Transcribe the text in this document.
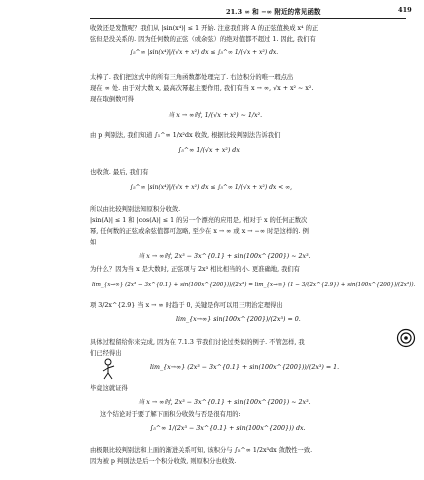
21.3 ∞ 和 −∞ 附近的常见函数	419
收敛还是发散呢？我们从 |sin(x⁴)| ≤ 1 开始. 注意我们将 A 的正弦值换成 x⁴ 的正
弦但是没关系的. 因为任何数的正弦（或余弦）的绝对值都不超过 1. 因此, 我们有
∫₅^∞ |sin(x⁴)|/(√x + x²) dx ≤ ∫₅^∞ 1/(√x + x²) dx.
太棒了. 我们把这式中的所有三角函数都处理完了. 右边积分的唯一瑕点出
现在 ∞ 处. 由于对大数 x, 最高次幂起主要作用, 我们有当 x → ∞, √x + x² ~ x².
现在取倒数可得
当 x → ∞时, 1/(√x + x²) ~ 1/x².
由 p 判别法, 我们知道 ∫₁^∞ 1/x²dx 收敛, 根据比较判别法告诉我们
∫₅^∞ 1/(√x + x²) dx
也收敛. 最后, 我们有
∫₅^∞ |sin(x⁴)|/(√x + x²) dx ≤ ∫₅^∞ 1/(√x + x²) dx < ∞,
所以由比较判别法知原积分收敛.
|sin(A)| ≤ 1 和 |cos(A)| ≤ 1 的另一个漂亮的应用是, 相对于 x 的任何正数次
幂, 任何数的正弦或余弦值都可忽略, 至少在 x → ∞ 或 x → −∞ 时是这样的. 例
如
当 x → ∞时, 2x³ − 3x^{0.1} + sin(100x^{200}) ~ 2x³.
为什么？因为当 x 是大数时, 正弦项与 2x³ 相比相当的小. 更准确地, 我们有
lim_{x→∞} (2x³ − 3x^{0.1} + sin(100x^{200}))/(2x³) = lim_{x→∞} (1 − 3/(2x^{2.9}) + sin(100x^{200})/(2x³)).
项 3/2x^{2.9} 当 x → ∞ 时趋于 0, 关键是你可以用三明治定理得出
lim_{x→∞} sin(100x^{200})/(2x³) = 0.
具体过程留给你来完成, 因为在 7.1.3 节我们讨论过类似的例子. 不管怎样, 我
们已经得出
lim_{x→∞} (2x³ − 3x^{0.1} + sin(100x^{200}))/(2x³) = 1.
毕竟这就证得
当 x → ∞时, 2x³ − 3x^{0.1} + sin(100x^{200}) ~ 2x³.
这个结论对于要了解下面积分收敛与否是很有用的:
∫₅^∞ 1/(2x³ − 3x^{0.1} + sin(100x^{200})) dx.
由极限比较判别法和上面的渐进关系可知, 该积分与 ∫₅^∞ 1/2x³dx 敛散性一致.
因为被 p 判别法是后一个积分收敛, 则原积分也收敛.
